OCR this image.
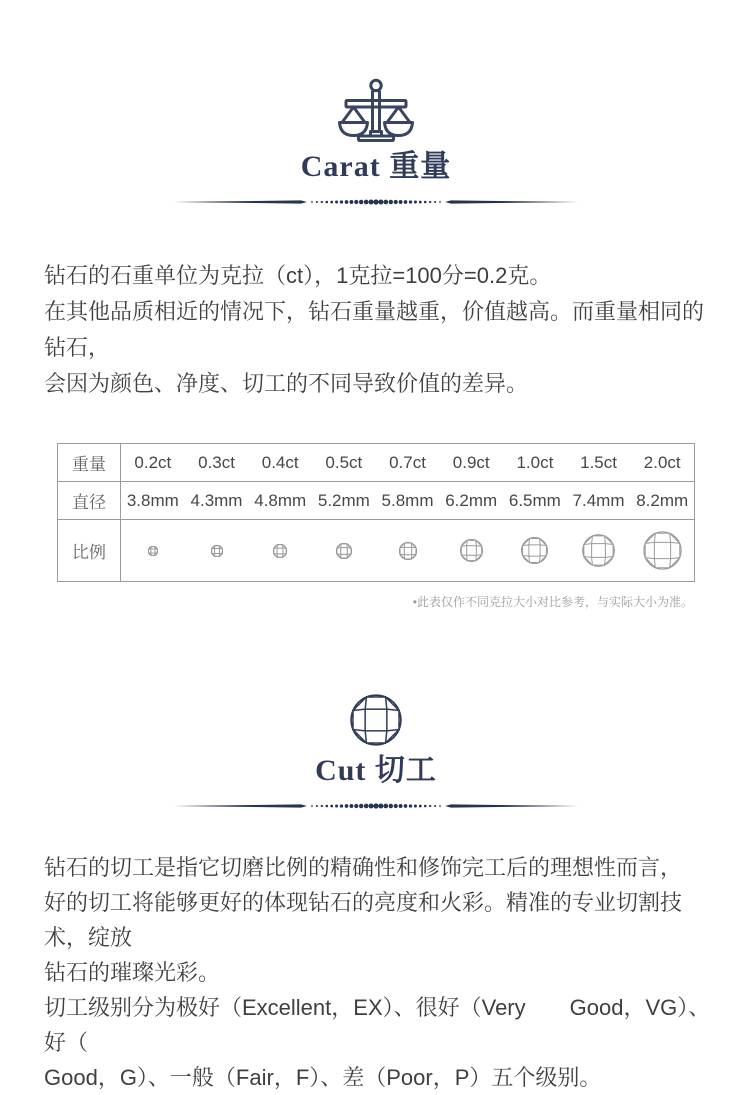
Carat 重量
钻石的石重单位为克拉（ct），1克拉=100分=0.2克。
在其他品质相近的情况下，钻石重量越重，价值越高。而重量相同的钻石，
会因为颜色、净度、切工的不同导致价值的差异。
重量	0.2ct	0.3ct	0.4ct	0.5ct	0.7ct	0.9ct	1.0ct	1.5ct	2.0ct
直径	3.8mm 4.3mm 4.8mm 5.2mm 5.8mm 6.2mm 6.5mm 7.4mm 8.2mm
比例
•此表仅作不同克拉大小对比参考，与实际大小为准。
Cut 切工
钻石的切工是指它切磨比例的精确性和修饰完工后的理想性而言，
好的切工将能够更好的体现钻石的亮度和火彩。精准的专业切割技术，绽放
钻石的璀璨光彩。
切工级别分为极好（Excellent，EX）、很好（Very　　Good，VG）、好（
Good，G）、一般（Fair，F）、差（Poor，P）五个级别。
